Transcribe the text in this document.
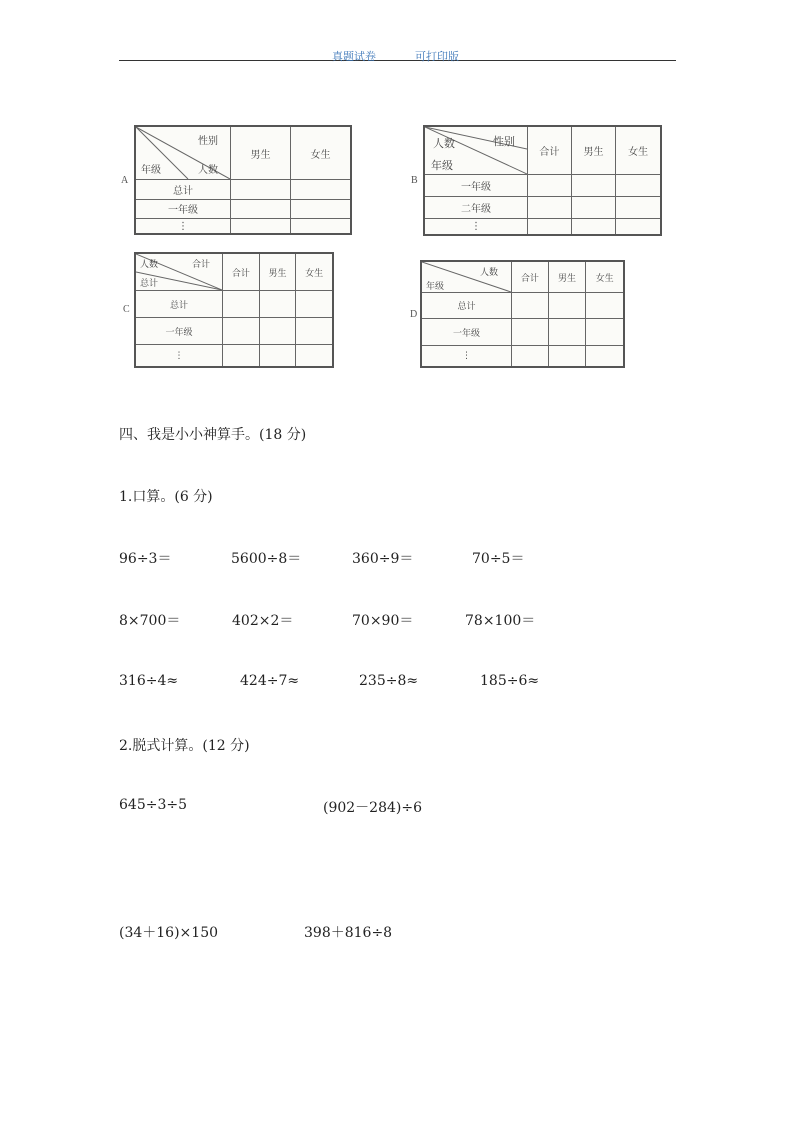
真题试卷	可打印版
A
性别
年级 人数	男生	女生
总计		
一年级		
⋮		
B
人数 性别
年级	合计	男生	女生
一年级			
二年级			
⋮			
C
人数 合计
总计	合计	男生	女生
总计			
一年级			
⋮			
D
人数
年级	合计	男生	女生
总计			
一年级			
⋮			
四、我是小小神算手。(18 分)
1.口算。(6 分)
96÷3＝	5600÷8＝	360÷9＝	70÷5＝
8×700＝	402×2＝	70×90＝	78×100＝
316÷4≈	424÷7≈	235÷8≈	185÷6≈
2.脱式计算。(12 分)
645÷3÷5	(902－284)÷6
(34＋16)×150	398＋816÷8
